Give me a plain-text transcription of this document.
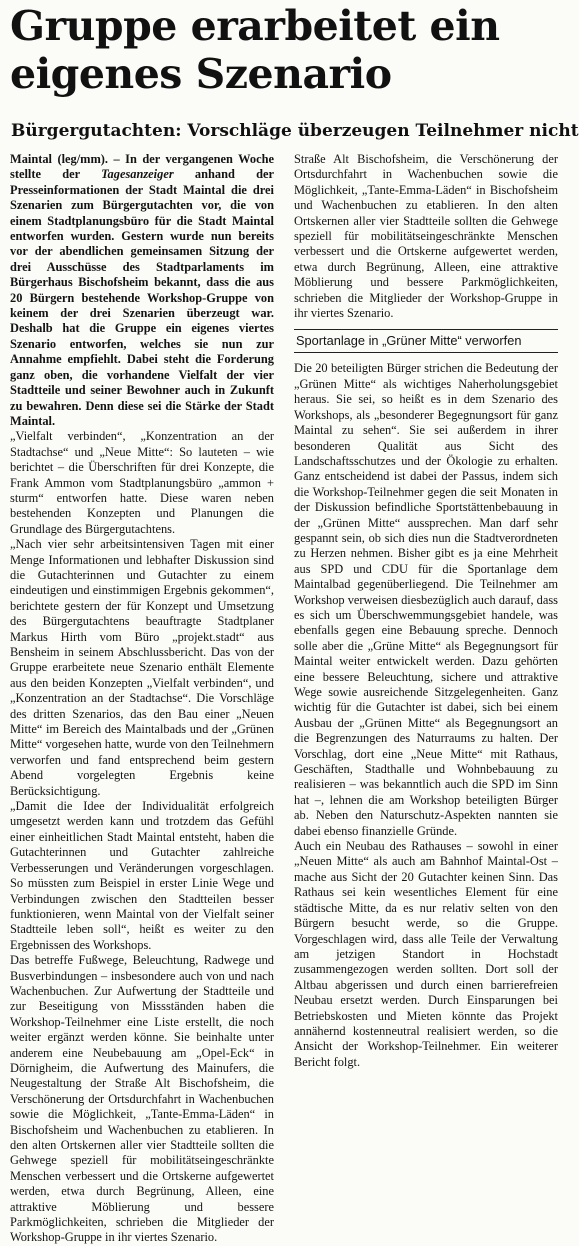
Gruppe erarbeitet ein eigenes Szenario
Bürgergutachten: Vorschläge überzeugen Teilnehmer nicht

Maintal (leg/mm). – In der vergangenen Woche stellte der Tagesanzeiger anhand der Presseinformationen der Stadt Maintal die drei Szenarien zum Bürgergutachten vor, die von einem Stadtplanungsbüro für die Stadt Maintal entworfen wurden. Gestern wurde nun bereits vor der abendlichen gemeinsamen Sitzung der drei Ausschüsse des Stadtparlaments im Bürgerhaus Bischofsheim bekannt, dass die aus 20 Bürgern bestehende Workshop-Gruppe von keinem der drei Szenarien überzeugt war. Deshalb hat die Gruppe ein eigenes viertes Szenario entworfen, welches sie nun zur Annahme empfiehlt. Dabei steht die Forderung ganz oben, die vorhandene Vielfalt der vier Stadtteile und seiner Bewohner auch in Zukunft zu bewahren. Denn diese sei die Stärke der Stadt Maintal.

„Vielfalt verbinden“, „Konzentration an der Stadtachse“ und „Neue Mitte“: So lauteten – wie berichtet – die Überschriften für drei Konzepte, die Frank Ammon vom Stadtplanungsbüro „ammon + sturm“ entworfen hatte. Diese waren neben bestehenden Konzepten und Planungen die Grundlage des Bürgergutachtens.

„Nach vier sehr arbeitsintensiven Tagen mit einer Menge Informationen und lebhafter Diskussion sind die Gutachterinnen und Gutachter zu einem eindeutigen und einstimmigen Ergebnis gekommen“, berichtete gestern der für Konzept und Umsetzung des Bürgergutachtens beauftragte Stadtplaner Markus Hirth vom Büro „projekt.stadt“ aus Bensheim in seinem Abschlussbericht. Das von der Gruppe erarbeitete neue Szenario enthält Elemente aus den beiden Konzepten „Vielfalt verbinden“, und „Konzentration an der Stadtachse“. Die Vorschläge des dritten Szenarios, das den Bau einer „Neuen Mitte“ im Bereich des Maintalbads und der „Grünen Mitte“ vorgesehen hatte, wurde von den Teilnehmern verworfen und fand entsprechend beim gestern Abend vorgelegten Ergebnis keine Berücksichtigung.

„Damit die Idee der Individualität erfolgreich umgesetzt werden kann und trotzdem das Gefühl einer einheitlichen Stadt Maintal entsteht, haben die Gutachterinnen und Gutachter zahlreiche Verbesserungen und Veränderungen vorgeschlagen. So müssten zum Beispiel in erster Linie Wege und Verbindungen zwischen den Stadtteilen besser funktionieren, wenn Maintal von der Vielfalt seiner Stadtteile leben soll“, heißt es weiter zu den Ergebnissen des Workshops.

Das betreffe Fußwege, Beleuchtung, Radwege und Busverbindungen – insbesondere auch von und nach Wachenbuchen. Zur Aufwertung der Stadtteile und zur Beseitigung von Missständen haben die Workshop-Teilnehmer eine Liste erstellt, die noch weiter ergänzt werden könne. Sie beinhalte unter anderem eine Neubebauung am „Opel-Eck“ in Dörnigheim, die Aufwertung des Mainufers, die Neugestaltung der Straße Alt Bischofsheim, die Verschönerung der Ortsdurchfahrt in Wachenbuchen sowie die Möglichkeit, „Tante-Emma-Läden“ in Bischofsheim und Wachenbuchen zu etablieren. In den alten Ortskernen aller vier Stadtteile sollten die Gehwege speziell für mobilitätseingeschränkte Menschen verbessert und die Ortskerne aufgewertet werden, etwa durch Begrünung, Alleen, eine attraktive Möblierung und bessere Parkmöglichkeiten, schrieben die Mitglieder der Workshop-Gruppe in ihr viertes Szenario.

Straße Alt Bischofsheim, die Verschönerung der Ortsdurchfahrt in Wachenbuchen sowie die Möglichkeit, „Tante-Emma-Läden“ in Bischofsheim und Wachenbuchen zu etablieren. In den alten Ortskernen aller vier Stadtteile sollten die Gehwege speziell für mobilitätseingeschränkte Menschen verbessert und die Ortskerne aufgewertet werden, etwa durch Begrünung, Alleen, eine attraktive Möblierung und bessere Parkmöglichkeiten, schrieben die Mitglieder der Workshop-Gruppe in ihr viertes Szenario.

Sportanlage in „Grüner Mitte“ verworfen

Die 20 beteiligten Bürger strichen die Bedeutung der „Grünen Mitte“ als wichtiges Naherholungsgebiet heraus. Sie sei, so heißt es in dem Szenario des Workshops, als „besonderer Begegnungsort für ganz Maintal zu sehen“. Sie sei außerdem in ihrer besonderen Qualität aus Sicht des Landschaftsschutzes und der Ökologie zu erhalten. Ganz entscheidend ist dabei der Passus, indem sich die Workshop-Teilnehmer gegen die seit Monaten in der Diskussion befindliche Sportstättenbebauung in der „Grünen Mitte“ aussprechen. Man darf sehr gespannt sein, ob sich dies nun die Stadtverordneten zu Herzen nehmen. Bisher gibt es ja eine Mehrheit aus SPD und CDU für die Sportanlage dem Maintalbad gegenüberliegend. Die Teilnehmer am Workshop verweisen diesbezüglich auch darauf, dass es sich um Überschwemmungsgebiet handele, was ebenfalls gegen eine Bebauung spreche. Dennoch solle aber die „Grüne Mitte“ als Begegnungsort für Maintal weiter entwickelt werden. Dazu gehörten eine bessere Beleuchtung, sichere und attraktive Wege sowie ausreichende Sitzgelegenheiten. Ganz wichtig für die Gutachter ist dabei, sich bei einem Ausbau der „Grünen Mitte“ als Begegnungsort an die Begrenzungen des Naturraums zu halten. Der Vorschlag, dort eine „Neue Mitte“ mit Rathaus, Geschäften, Stadthalle und Wohnbebauung zu realisieren – was bekanntlich auch die SPD im Sinn hat –, lehnen die am Workshop beteiligten Bürger ab. Neben den Naturschutz-Aspekten nannten sie dabei ebenso finanzielle Gründe.

Auch ein Neubau des Rathauses – sowohl in einer „Neuen Mitte“ als auch am Bahnhof Maintal-Ost – mache aus Sicht der 20 Gutachter keinen Sinn. Das Rathaus sei kein wesentliches Element für eine städtische Mitte, da es nur relativ selten von den Bürgern besucht werde, so die Gruppe. Vorgeschlagen wird, dass alle Teile der Verwaltung am jetzigen Standort in Hochstadt zusammengezogen werden sollten. Dort soll der Altbau abgerissen und durch einen barrierefreien Neubau ersetzt werden. Durch Einsparungen bei Betriebskosten und Mieten könnte das Projekt annähernd kostenneutral realisiert werden, so die Ansicht der Workshop-Teilnehmer. Ein weiterer Bericht folgt.
